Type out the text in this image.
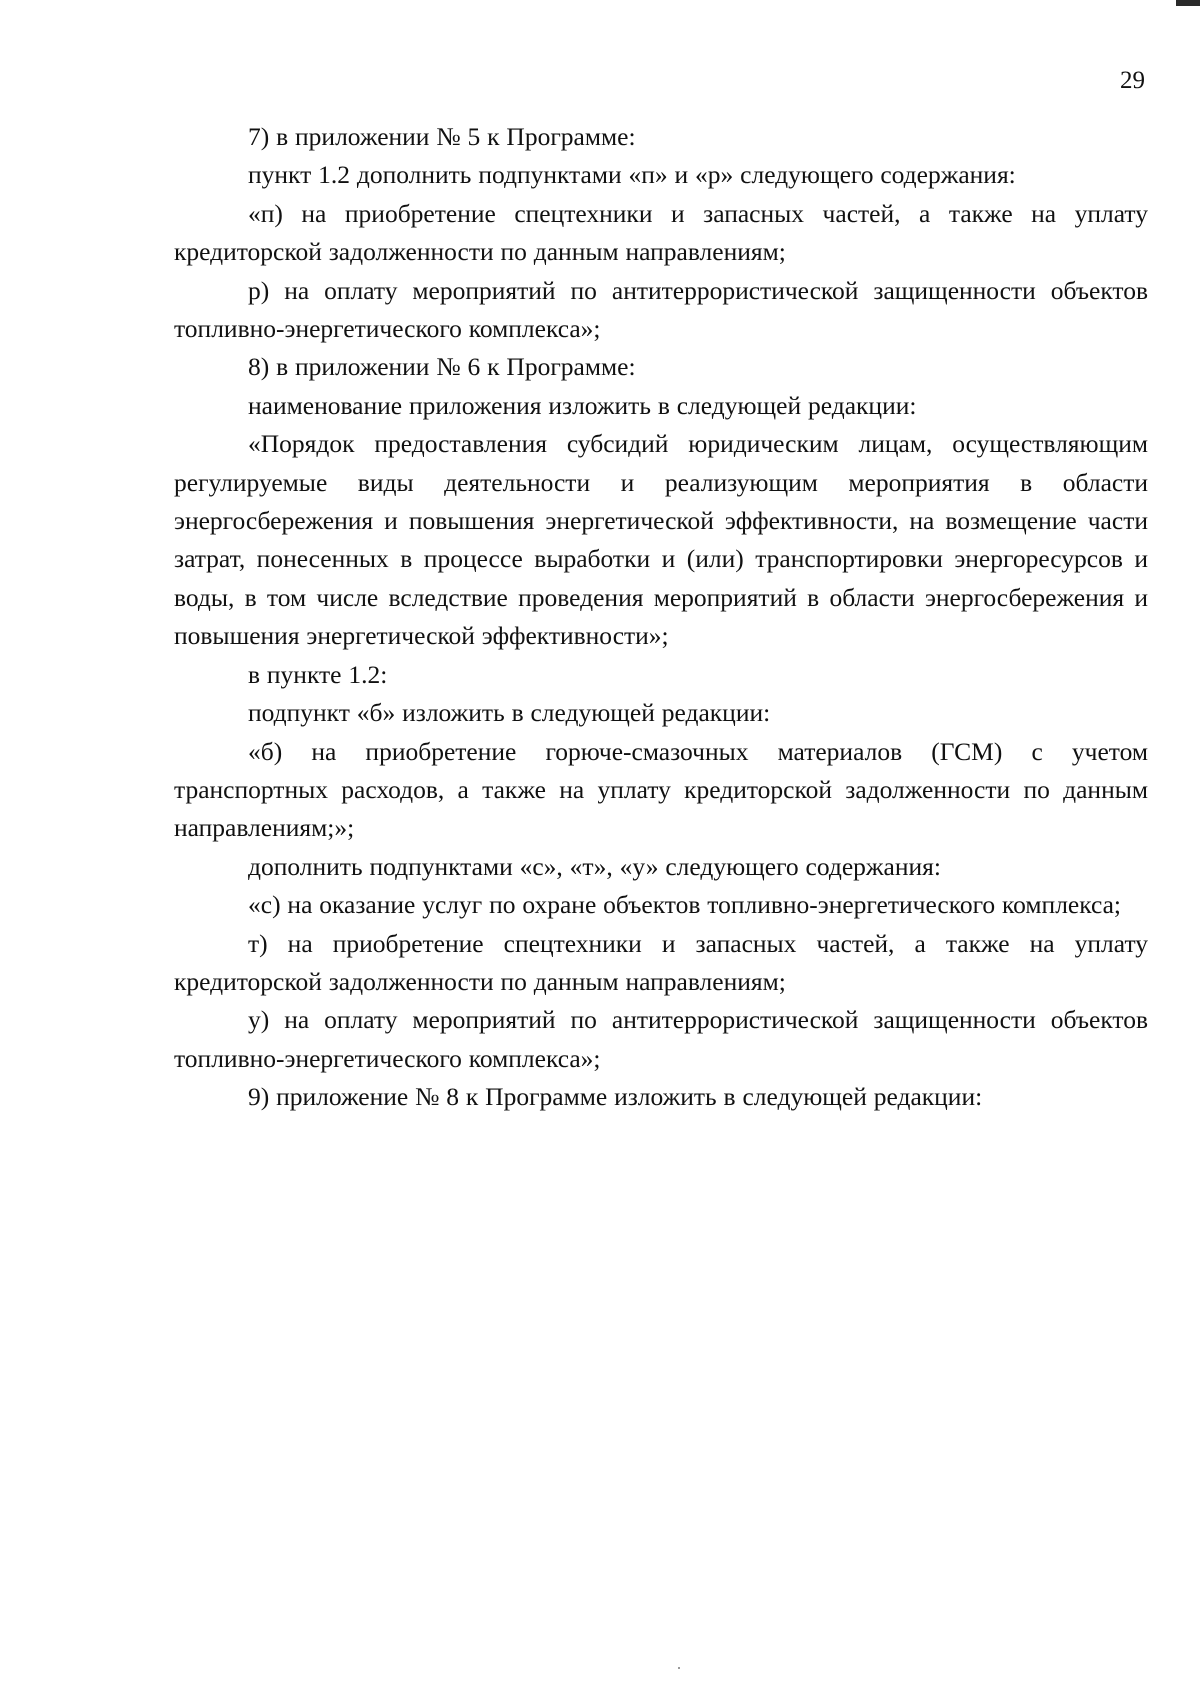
29

7) в приложении № 5 к Программе:

пункт 1.2 дополнить подпунктами «п» и «р» следующего содержания:

«п) на приобретение спецтехники и запасных частей, а также на уплату кредиторской задолженности по данным направлениям;

р) на оплату мероприятий по антитеррористической защищенности объектов топливно-энергетического комплекса»;

8) в приложении № 6 к Программе:

наименование приложения изложить в следующей редакции:

«Порядок предоставления субсидий юридическим лицам, осуществляющим регулируемые виды деятельности и реализующим мероприятия в области энергосбережения и повышения энергетической эффективности, на возмещение части затрат, понесенных в процессе выработки и (или) транспортировки энергоресурсов и воды, в том числе вследствие проведения мероприятий в области энергосбережения и повышения энергетической эффективности»;

в пункте 1.2:

подпункт «б» изложить в следующей редакции:

«б) на приобретение горюче-смазочных материалов (ГСМ) с учетом транспортных расходов, а также на уплату кредиторской задолженности по данным направлениям;»;

дополнить подпунктами «с», «т», «у» следующего содержания:

«с) на оказание услуг по охране объектов топливно-энергетического комплекса;

т) на приобретение спецтехники и запасных частей, а также на уплату кредиторской задолженности по данным направлениям;

у) на оплату мероприятий по антитеррористической защищенности объектов топливно-энергетического комплекса»;

9) приложение № 8 к Программе изложить в следующей редакции:
